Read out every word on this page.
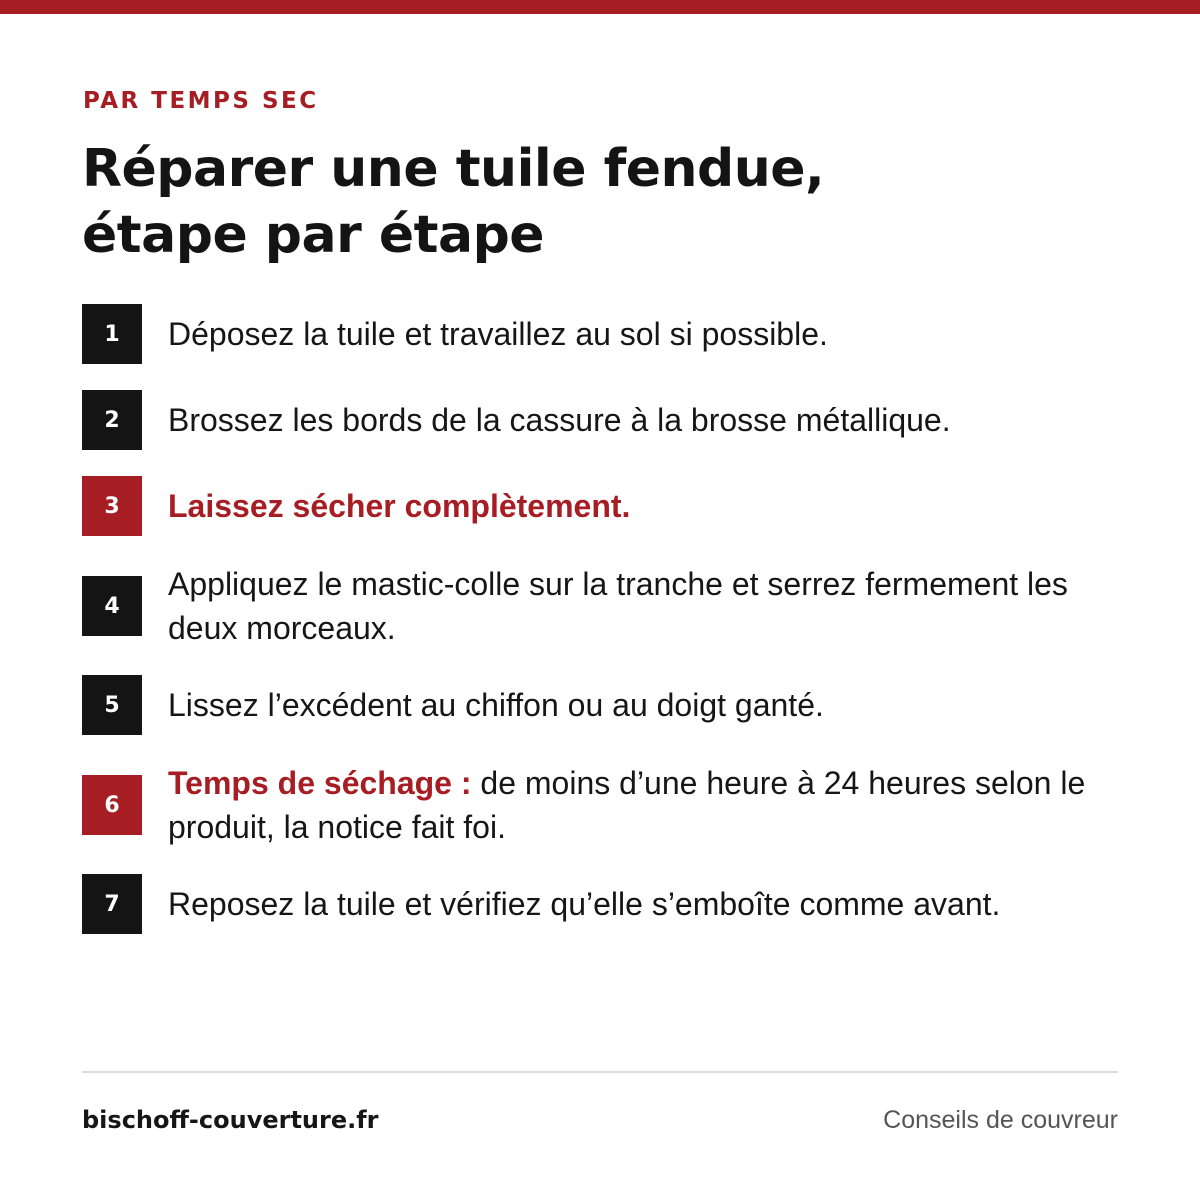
PAR TEMPS SEC
Réparer une tuile fendue,
étape par étape
1	Déposez la tuile et travaillez au sol si possible.
2	Brossez les bords de la cassure à la brosse métallique.
3	Laissez sécher complètement.
4
Appliquez le mastic-colle sur la tranche et serrez fermement les deux morceaux.
5	Lissez l’excédent au chiffon ou au doigt ganté.
6
Temps de séchage : de moins d’une heure à 24 heures selon le produit, la notice fait foi.
7	Reposez la tuile et vérifiez qu’elle s’emboîte comme avant.
bischoff-couverture.fr	Conseils de couvreur
